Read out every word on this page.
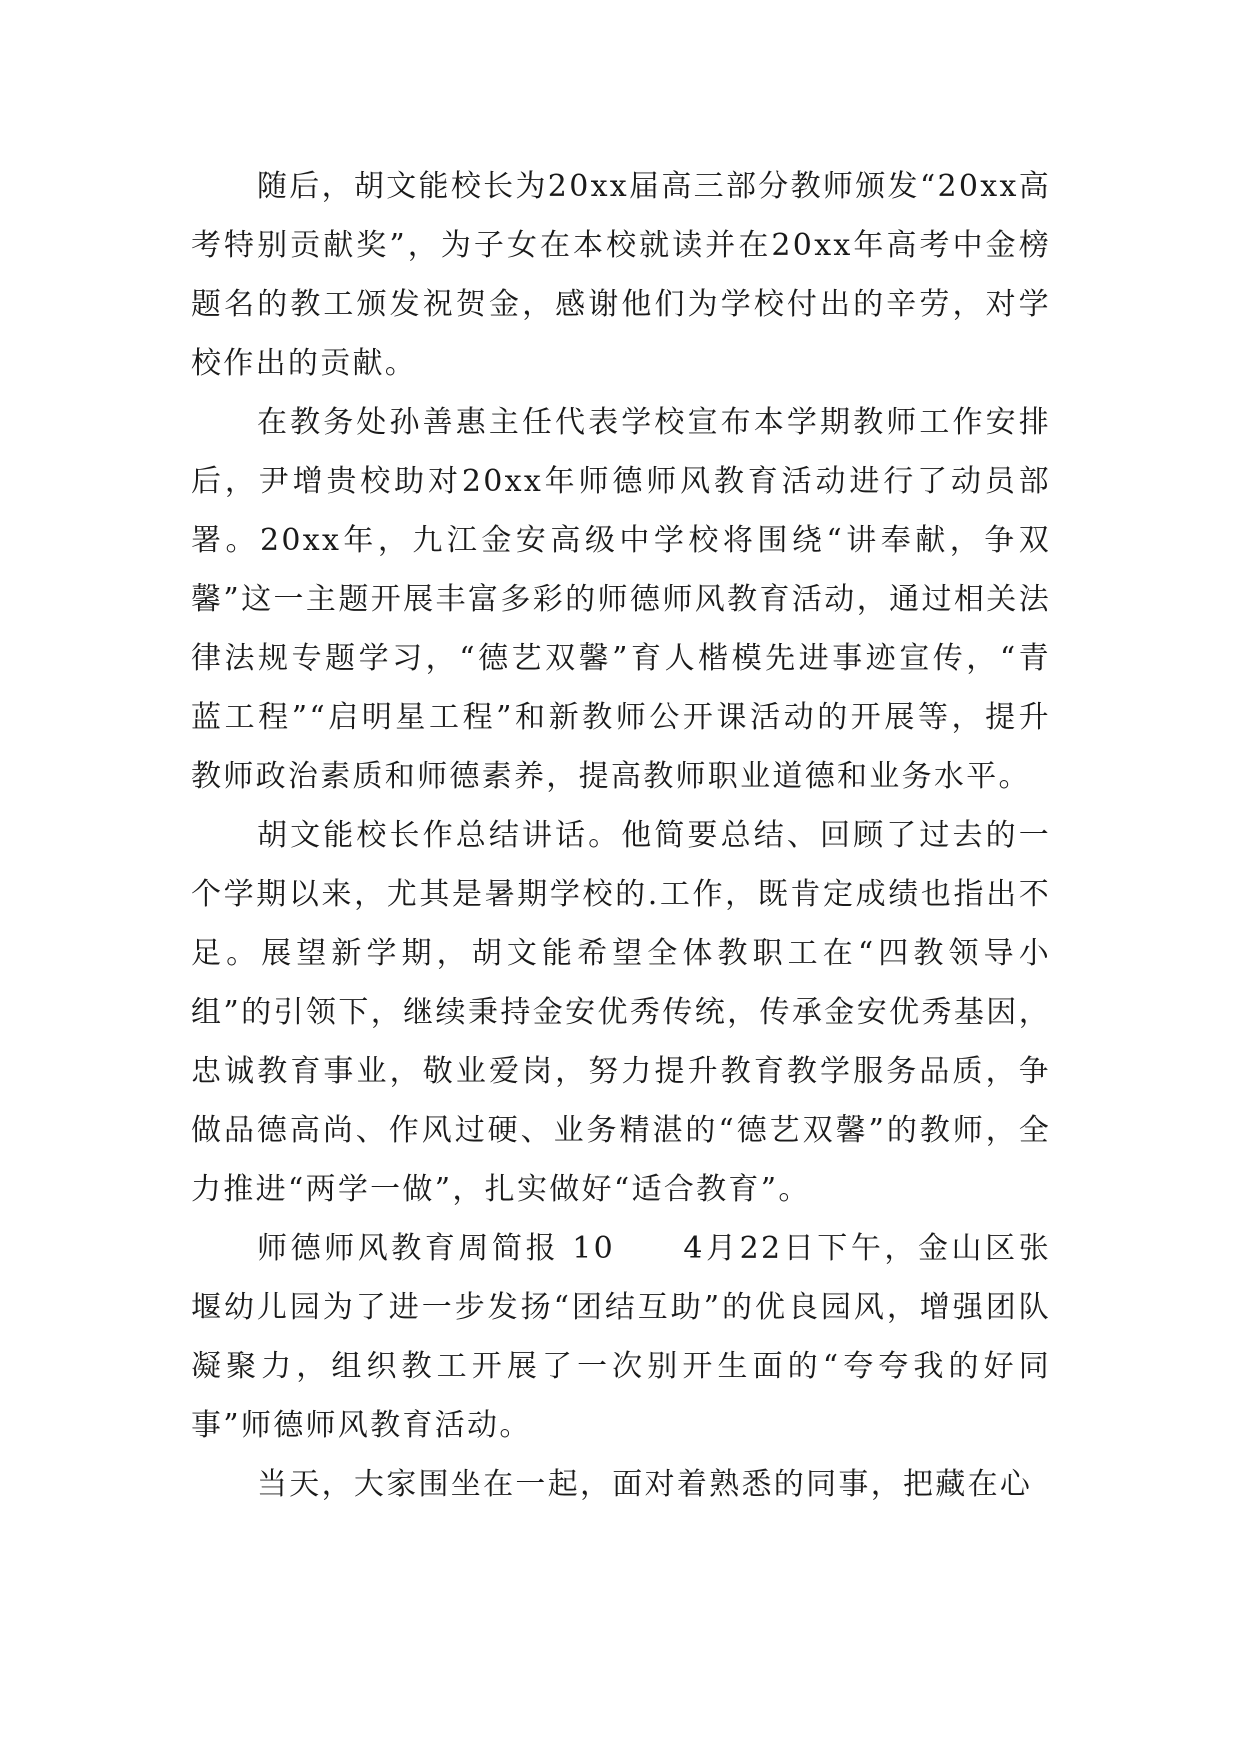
随后，胡文能校长为20xx届高三部分教师颁发“20xx高考特别贡献奖”，为子女在本校就读并在20xx年高考中金榜题名的教工颁发祝贺金，感谢他们为学校付出的辛劳，对学校作出的贡献。

在教务处孙善惠主任代表学校宣布本学期教师工作安排后，尹增贵校助对20xx年师德师风教育活动进行了动员部署。20xx年，九江金安高级中学校将围绕“讲奉献，争双馨”这一主题开展丰富多彩的师德师风教育活动，通过相关法律法规专题学习，“德艺双馨”育人楷模先进事迹宣传，“青蓝工程”“启明星工程”和新教师公开课活动的开展等，提升教师政治素质和师德素养，提高教师职业道德和业务水平。

胡文能校长作总结讲话。他简要总结、回顾了过去的一个学期以来，尤其是暑期学校的.工作，既肯定成绩也指出不足。展望新学期，胡文能希望全体教职工在“四教领导小组”的引领下，继续秉持金安优秀传统，传承金安优秀基因，忠诚教育事业，敬业爱岗，努力提升教育教学服务品质，争做品德高尚、作风过硬、业务精湛的“德艺双馨”的教师，全力推进“两学一做”，扎实做好“适合教育”。

师德师风教育周简报 10　　4月22日下午，金山区张堰幼儿园为了进一步发扬“团结互助”的优良园风，增强团队凝聚力，组织教工开展了一次别开生面的“夸夸我的好同事”师德师风教育活动。

当天，大家围坐在一起，面对着熟悉的同事，把藏在心
